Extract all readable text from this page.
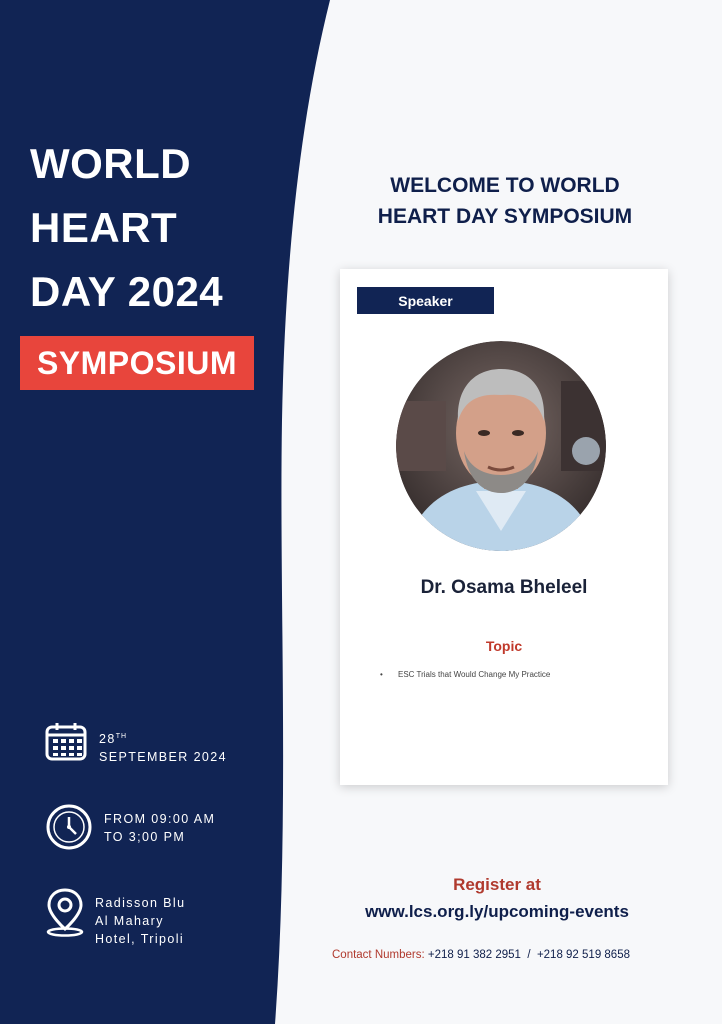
WORLD
HEART
DAY 2024
SYMPOSIUM
28TH
SEPTEMBER 2024
FROM 09:00 AM
TO 3;00 PM
Radisson Blu
Al Mahary
Hotel, Tripoli
WELCOME TO WORLD
HEART DAY SYMPOSIUM
Speaker
Dr. Osama Bheleel
Topic
• ESC Trials that Would Change My Practice
Register at
www.lcs.org.ly/upcoming-events
Contact Numbers: +218 91 382 2951 / +218 92 519 8658
